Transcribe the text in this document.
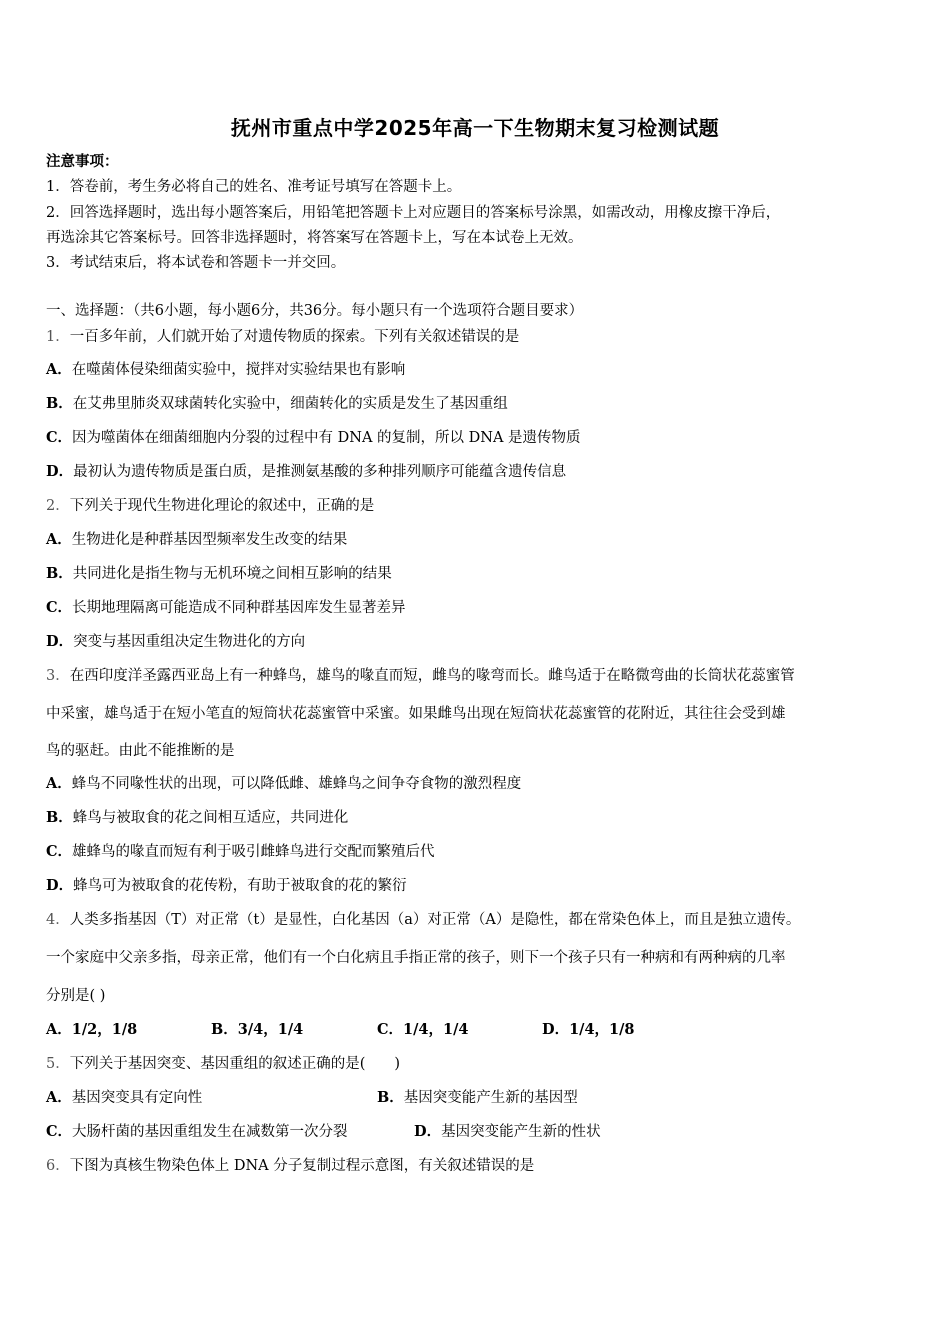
抚州市重点中学2025年高一下生物期末复习检测试题
注意事项：
1．答卷前，考生务必将自己的姓名、准考证号填写在答题卡上。
2．回答选择题时，选出每小题答案后，用铅笔把答题卡上对应题目的答案标号涂黑，如需改动，用橡皮擦干净后，
再选涂其它答案标号。回答非选择题时，将答案写在答题卡上，写在本试卷上无效。
3．考试结束后，将本试卷和答题卡一并交回。
一、选择题：（共6小题，每小题6分，共36分。每小题只有一个选项符合题目要求）
1．一百多年前，人们就开始了对遗传物质的探索。下列有关叙述错误的是
A．在噬菌体侵染细菌实验中，搅拌对实验结果也有影响
B．在艾弗里肺炎双球菌转化实验中，细菌转化的实质是发生了基因重组
C．因为噬菌体在细菌细胞内分裂的过程中有 DNA 的复制，所以 DNA 是遗传物质
D．最初认为遗传物质是蛋白质，是推测氨基酸的多种排列顺序可能蕴含遗传信息
2．下列关于现代生物进化理论的叙述中，正确的是
A．生物进化是种群基因型频率发生改变的结果
B．共同进化是指生物与无机环境之间相互影响的结果
C．长期地理隔离可能造成不同种群基因库发生显著差异
D．突变与基因重组决定生物进化的方向
3．在西印度洋圣露西亚岛上有一种蜂鸟，雄鸟的喙直而短，雌鸟的喙弯而长。雌鸟适于在略微弯曲的长筒状花蕊蜜管
中采蜜，雄鸟适于在短小笔直的短筒状花蕊蜜管中采蜜。如果雌鸟出现在短筒状花蕊蜜管的花附近，其往往会受到雄
鸟的驱赶。由此不能推断的是
A．蜂鸟不同喙性状的出现，可以降低雌、雄蜂鸟之间争夺食物的激烈程度
B．蜂鸟与被取食的花之间相互适应，共同进化
C．雄蜂鸟的喙直而短有利于吸引雌蜂鸟进行交配而繁殖后代
D．蜂鸟可为被取食的花传粉，有助于被取食的花的繁衍
4．人类多指基因（T）对正常（t）是显性，白化基因（a）对正常（A）是隐性，都在常染色体上，而且是独立遗传。
一个家庭中父亲多指，母亲正常，他们有一个白化病且手指正常的孩子，则下一个孩子只有一种病和有两种病的几率
分别是( )
A．1/2，1/8	B．3/4，1/4	C．1/4，1/4	D．1/4，1/8
5．下列关于基因突变、基因重组的叙述正确的是(　　)
A．基因突变具有定向性	B．基因突变能产生新的基因型
C．大肠杆菌的基因重组发生在减数第一次分裂	D．基因突变能产生新的性状
6．下图为真核生物染色体上 DNA 分子复制过程示意图，有关叙述错误的是
